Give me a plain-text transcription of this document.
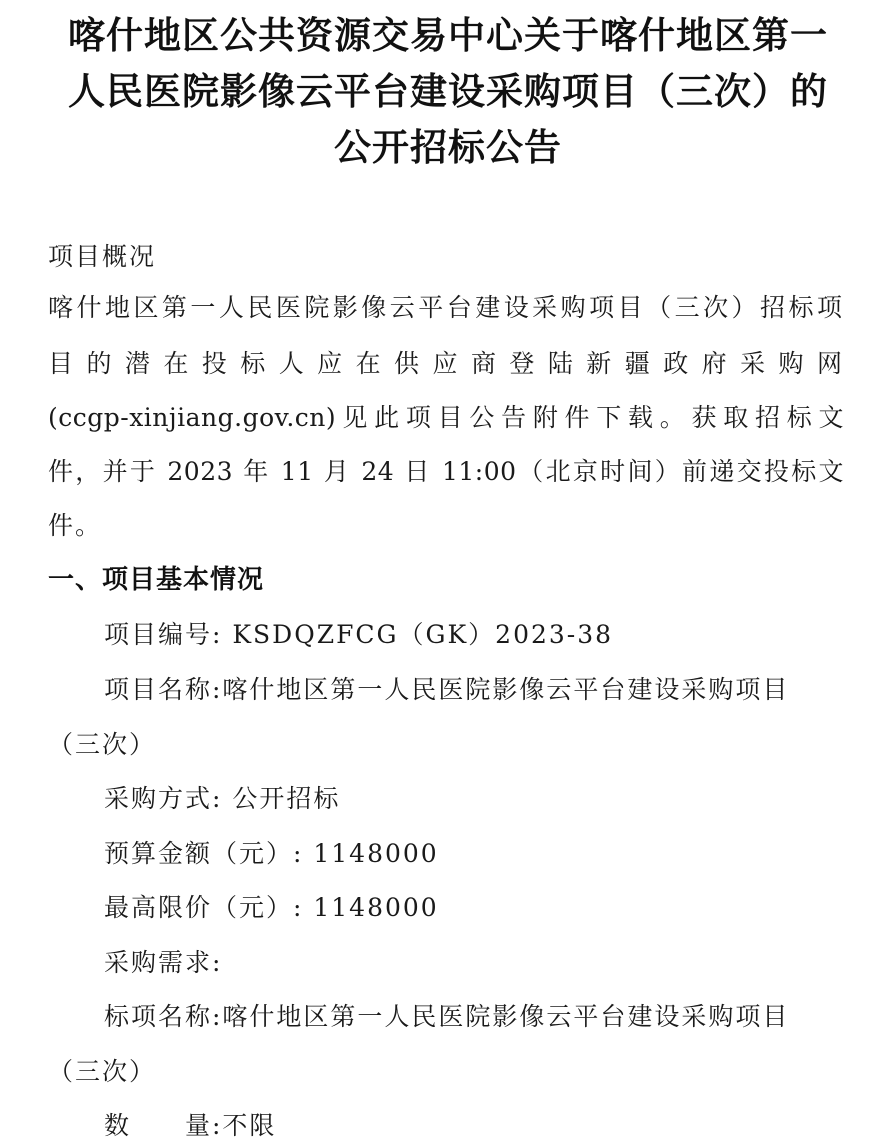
喀什地区公共资源交易中心关于喀什地区第一
人民医院影像云平台建设采购项目（三次）的
公开招标公告
项目概况
喀什地区第一人民医院影像云平台建设采购项目（三次）招标项
目的潜在投标人应在供应商登陆新疆政府采购网
(ccgp-xinjiang.gov.cn)见此项目公告附件下载。获取招标文
件，并于 2023 年 11 月 24 日 11:00（北京时间）前递交投标文
件。
一、项目基本情况
项目编号: KSDQZFCG（GK）2023-38
项目名称:喀什地区第一人民医院影像云平台建设采购项目
（三次）
采购方式: 公开招标
预算金额（元）: 1148000
最高限价（元）: 1148000
采购需求:
标项名称:喀什地区第一人民医院影像云平台建设采购项目
（三次）
数　　量:不限
